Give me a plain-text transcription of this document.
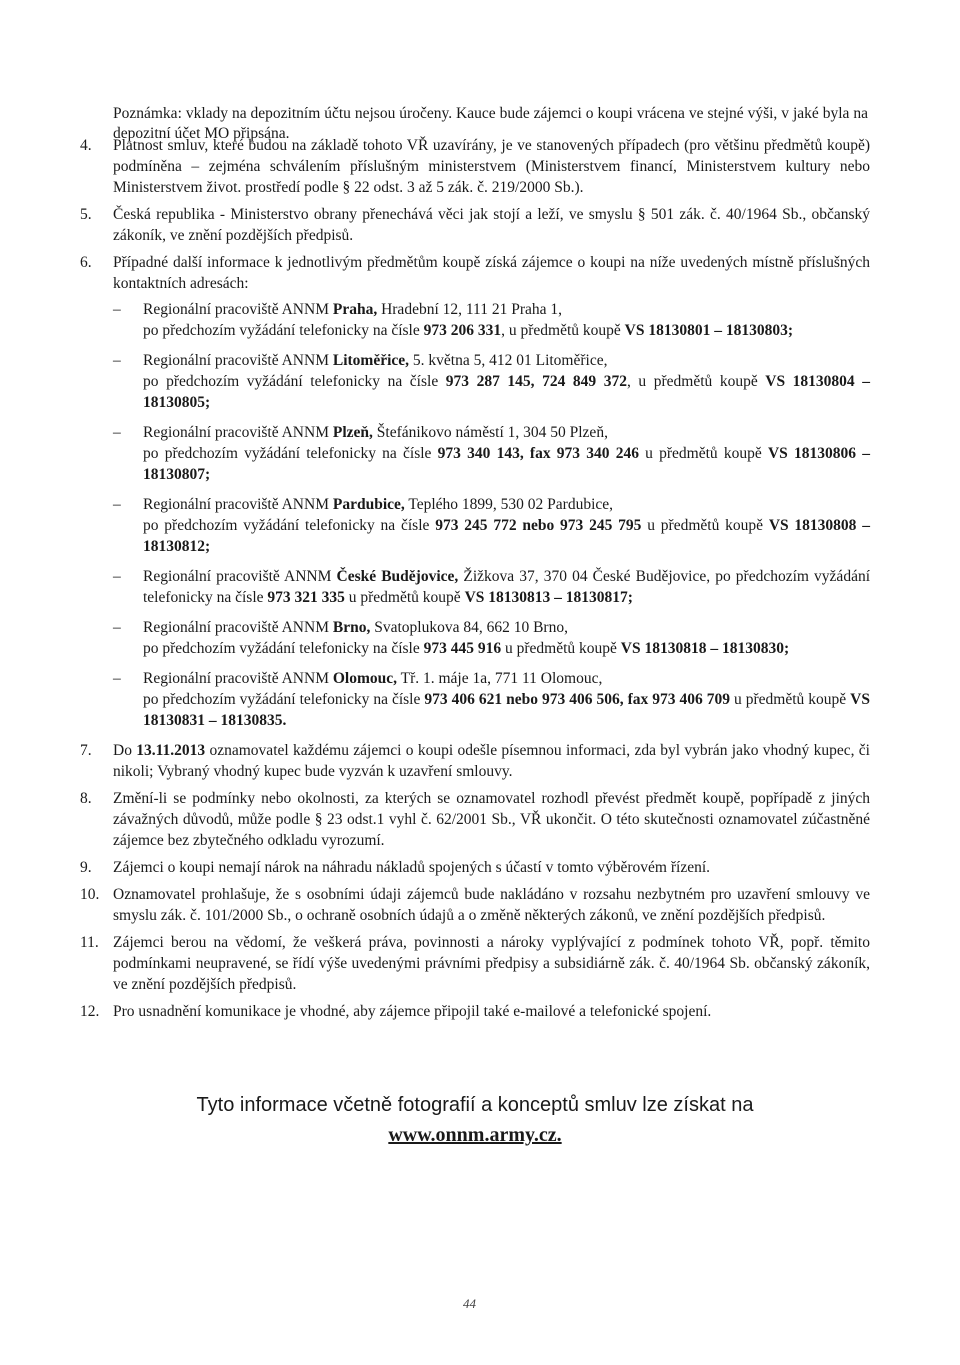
Poznámka: vklady na depozitním účtu nejsou úročeny. Kauce bude zájemci o koupi vrácena ve stejné výši, v jaké byla na depozitní účet MO připsána.

4.	Platnost smluv, které budou na základě tohoto VŘ uzavírány, je ve stanovených případech (pro většinu předmětů koupě) podmíněna – zejména schválením příslušným ministerstvem (Ministerstvem financí, Ministerstvem kultury nebo Ministerstvem život. prostředí podle § 22 odst. 3 až 5 zák. č. 219/2000 Sb.).
5.	Česká republika - Ministerstvo obrany přenechává věci jak stojí a leží, ve smyslu § 501 zák. č. 40/1964 Sb., občanský zákoník, ve znění pozdějších předpisů.
6.	Případné další informace k jednotlivým předmětům koupě získá zájemce o koupi na níže uvedených místně příslušných kontaktních adresách:
– Regionální pracoviště ANNM Praha, Hradební 12, 111 21 Praha 1,
po předchozím vyžádání telefonicky na čísle 973 206 331, u předmětů koupě VS 18130801 – 18130803;
– Regionální pracoviště ANNM Litoměřice, 5. května 5, 412 01 Litoměřice,
po předchozím vyžádání telefonicky na čísle 973 287 145, 724 849 372, u předmětů koupě VS 18130804 – 18130805;
– Regionální pracoviště ANNM Plzeň, Štefánikovo náměstí 1, 304 50 Plzeň,
po předchozím vyžádání telefonicky na čísle 973 340 143, fax 973 340 246 u předmětů koupě VS 18130806 – 18130807;
– Regionální pracoviště ANNM Pardubice, Teplého 1899, 530 02 Pardubice,
po předchozím vyžádání telefonicky na čísle 973 245 772 nebo 973 245 795 u předmětů koupě VS 18130808 – 18130812;
– Regionální pracoviště ANNM České Budějovice, Žižkova 37, 370 04 České Budějovice, po předchozím vyžádání telefonicky na čísle 973 321 335 u předmětů koupě VS 18130813 – 18130817;
– Regionální pracoviště ANNM Brno, Svatoplukova 84, 662 10 Brno,
po předchozím vyžádání telefonicky na čísle 973 445 916 u předmětů koupě VS 18130818 – 18130830;
– Regionální pracoviště ANNM Olomouc, Tř. 1. máje 1a, 771 11 Olomouc,
po předchozím vyžádání telefonicky na čísle 973 406 621 nebo 973 406 506, fax 973 406 709 u předmětů koupě VS 18130831 – 18130835.
7.	Do 13.11.2013 oznamovatel každému zájemci o koupi odešle písemnou informaci, zda byl vybrán jako vhodný kupec, či nikoli; Vybraný vhodný kupec bude vyzván k uzavření smlouvy.
8.	Změní-li se podmínky nebo okolnosti, za kterých se oznamovatel rozhodl převést předmět koupě, popřípadě z jiných závažných důvodů, může podle § 23 odst.1 vyhl č. 62/2001 Sb., VŘ ukončit. O této skutečnosti oznamovatel zúčastněné zájemce bez zbytečného odkladu vyrozumí.
9.	Zájemci o koupi nemají nárok na náhradu nákladů spojených s účastí v tomto výběrovém řízení.
10. Oznamovatel prohlašuje, že s osobními údaji zájemců bude nakládáno v rozsahu nezbytném pro uzavření smlouvy ve smyslu zák. č. 101/2000 Sb., o ochraně osobních údajů a o změně některých zákonů, ve znění pozdějších předpisů.
11. Zájemci berou na vědomí, že veškerá práva, povinnosti a nároky vyplývající z podmínek tohoto VŘ, popř. těmito podmínkami neupravené, se řídí výše uvedenými právními předpisy a subsidiárně zák. č. 40/1964 Sb. občanský zákoník, ve znění pozdějších předpisů.
12. Pro usnadnění komunikace je vhodné, aby zájemce připojil také e-mailové a telefonické spojení.
Tyto informace včetně fotografií a konceptů smluv lze získat na
www.onnm.army.cz.
44
